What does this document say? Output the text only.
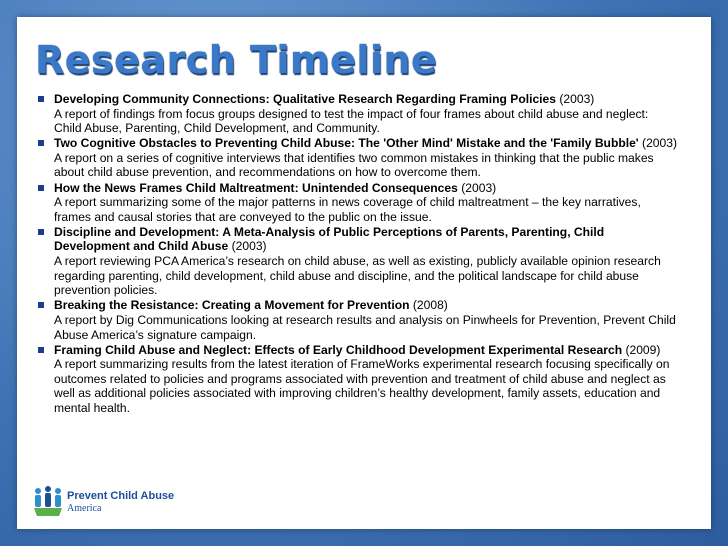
Research Timeline
Developing Community Connections: Qualitative Research Regarding Framing Policies (2003)
A report of findings from focus groups designed to test the impact of four frames about child abuse and neglect: Child Abuse, Parenting, Child Development, and Community.
Two Cognitive Obstacles to Preventing Child Abuse: The 'Other Mind' Mistake and the 'Family Bubble' (2003)
A report on a series of cognitive interviews that identifies two common mistakes in thinking that the public makes about child abuse prevention, and recommendations on how to overcome them.
How the News Frames Child Maltreatment: Unintended Consequences (2003)
A report summarizing some of the major patterns in news coverage of child maltreatment – the key narratives, frames and causal stories that are conveyed to the public on the issue.
Discipline and Development: A Meta-Analysis of Public Perceptions of Parents, Parenting, Child Development and Child Abuse (2003)
A report reviewing PCA America’s research on child abuse, as well as existing, publicly available opinion research regarding parenting, child development, child abuse and discipline, and the political landscape for child abuse prevention policies.
Breaking the Resistance: Creating a Movement for Prevention (2008)
A report by Dig Communications looking at research results and analysis on Pinwheels for Prevention, Prevent Child Abuse America’s signature campaign.
Framing Child Abuse and Neglect: Effects of Early Childhood Development Experimental Research (2009)
A report summarizing results from the latest iteration of FrameWorks experimental research focusing specifically on outcomes related to policies and programs associated with prevention and treatment of child abuse and neglect as well as additional policies associated with improving children’s healthy development, family assets, education and mental health.
Prevent Child Abuse
America
